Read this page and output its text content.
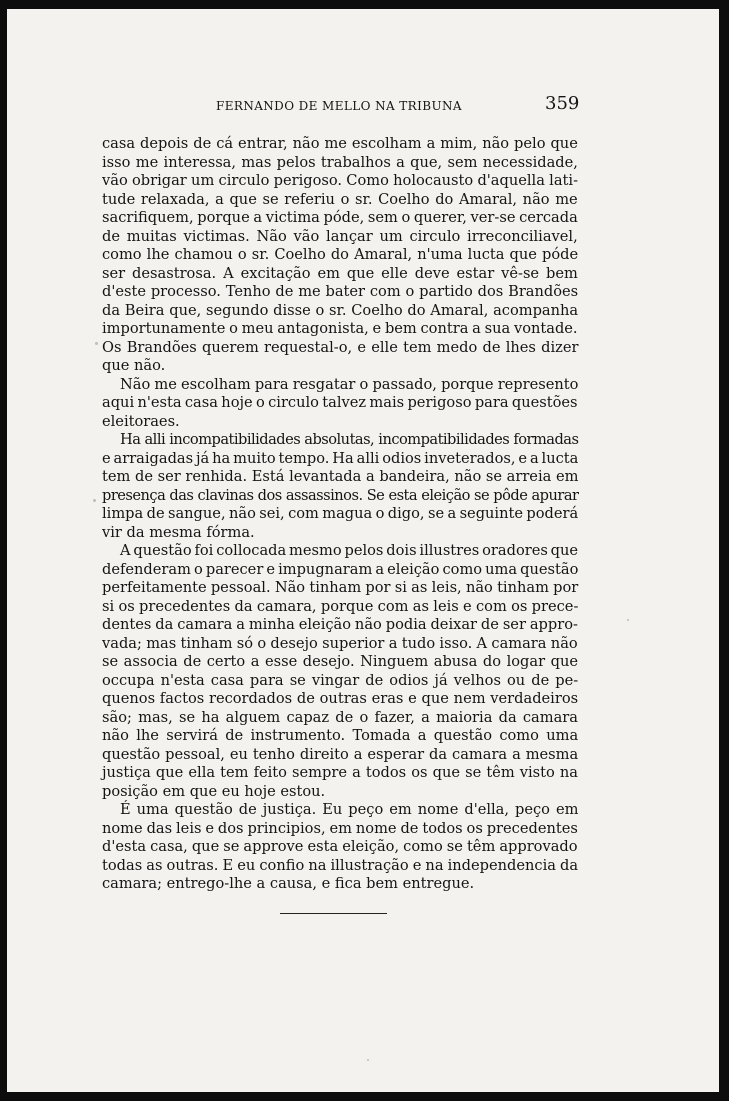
FERNANDO DE MELLO NA TRIBUNA	359
casa depois de cá entrar, não me escolham a mim, não pelo que
isso me interessa, mas pelos trabalhos a que, sem necessidade,
vão obrigar um circulo perigoso. Como holocausto d'aquella lati-
tude relaxada, a que se referiu o sr. Coelho do Amaral, não me
sacrifiquem, porque a victima póde, sem o querer, ver-se cercada
de muitas victimas. Não vão lançar um circulo irreconciliavel,
como lhe chamou o sr. Coelho do Amaral, n'uma lucta que póde
ser desastrosa. A excitação em que elle deve estar vê-se bem
d'este processo. Tenho de me bater com o partido dos Brandões
da Beira que, segundo disse o sr. Coelho do Amaral, acompanha
importunamente o meu antagonista, e bem contra a sua vontade.
Os Brandões querem requestal-o, e elle tem medo de lhes dizer
que não.
Não me escolham para resgatar o passado, porque represento
aqui n'esta casa hoje o circulo talvez mais perigoso para questões
eleitoraes.
Ha alli incompatibilidades absolutas, incompatibilidades formadas
e arraigadas já ha muito tempo. Ha alli odios inveterados, e a lucta
tem de ser renhida. Está levantada a bandeira, não se arreia em
presença das clavinas dos assassinos. Se esta eleição se pôde apurar
limpa de sangue, não sei, com magua o digo, se a seguinte poderá
vir da mesma fórma.
A questão foi collocada mesmo pelos dois illustres oradores que
defenderam o parecer e impugnaram a eleição como uma questão
perfeitamente pessoal. Não tinham por si as leis, não tinham por
si os precedentes da camara, porque com as leis e com os prece-
dentes da camara a minha eleição não podia deixar de ser appro-
vada; mas tinham só o desejo superior a tudo isso. A camara não
se associa de certo a esse desejo. Ninguem abusa do logar que
occupa n'esta casa para se vingar de odios já velhos ou de pe-
quenos factos recordados de outras eras e que nem verdadeiros
são; mas, se ha alguem capaz de o fazer, a maioria da camara
não lhe servirá de instrumento. Tomada a questão como uma
questão pessoal, eu tenho direito a esperar da camara a mesma
justiça que ella tem feito sempre a todos os que se têm visto na
posição em que eu hoje estou.
É uma questão de justiça. Eu peço em nome d'ella, peço em
nome das leis e dos principios, em nome de todos os precedentes
d'esta casa, que se approve esta eleição, como se têm approvado
todas as outras. E eu confio na illustração e na independencia da
camara; entrego-lhe a causa, e fica bem entregue.
